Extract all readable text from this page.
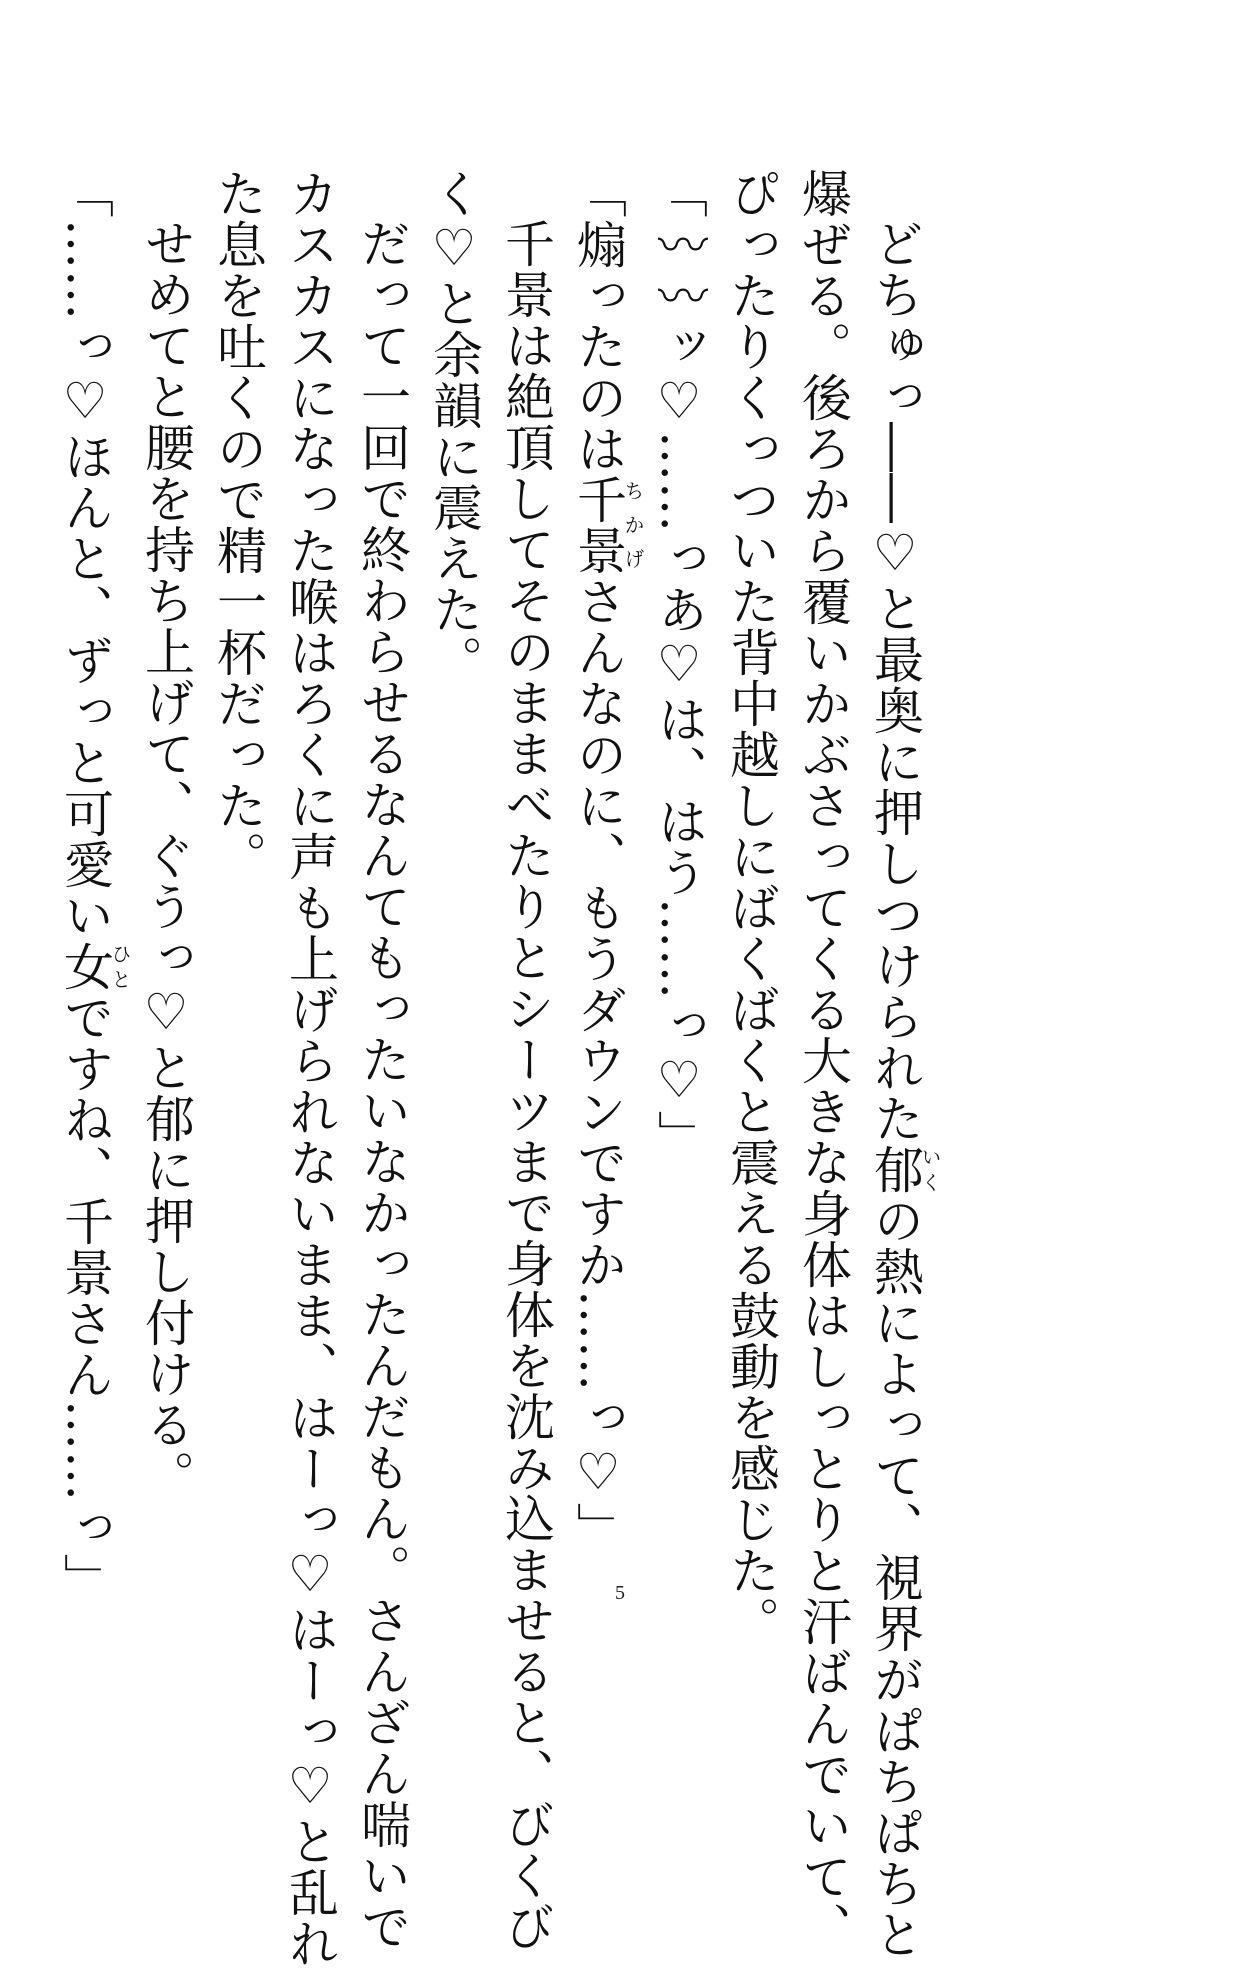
どちゅっ――♡と最奥に押しつけられた郁いくの熱によって、視界がぱちぱちと
爆ぜる。後ろから覆いかぶさってくる大きな身体はしっとりと汗ばんでいて、
ぴったりくっついた背中越しにばくばくと震える鼓動を感じた。
「〰〰ッ♡……っあ♡は、はう……っ♡」
「煽ったのは千景ちかげさんなのに、もうダウンですか……っ♡」
千景は絶頂してそのままべたりとシーツまで身体を沈み込ませると、びくび
く♡と余韻に震えた。
だって一回で終わらせるなんてもったいなかったんだもん。さんざん喘いで
カスカスになった喉はろくに声も上げられないまま、はーっ♡はーっ♡と乱れ
た息を吐くので精一杯だった。
せめてと腰を持ち上げて、ぐうっ♡と郁に押し付ける。
「……っ♡ほんと、ずっと可愛い女ひとですね、千景さん……っ」	5
